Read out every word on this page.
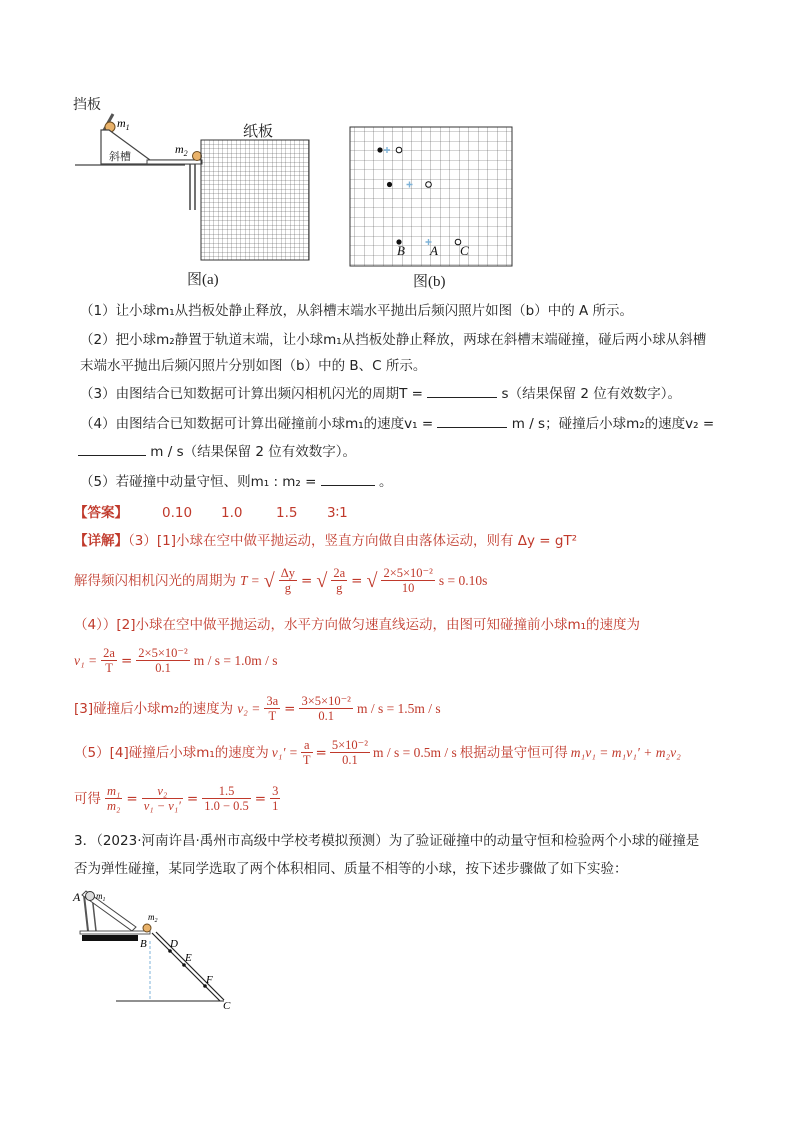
挡板
$m_1$
斜槽
$m_2$
纸板
图(a)
B A C
图(b)
（1）让小球m₁从挡板处静止释放，从斜槽末端水平抛出后频闪照片如图（b）中的 A 所示。
（2）把小球m₂静置于轨道末端，让小球m₁从挡板处静止释放，两球在斜槽末端碰撞，碰后两小球从斜槽
末端水平抛出后频闪照片分别如图（b）中的 B、C 所示。
（3）由图结合已知数据可计算出频闪相机闪光的周期T =	s（结果保留 2 位有效数字）。
（4）由图结合已知数据可计算出碰撞前小球m₁的速度v₁ =	m / s；碰撞后小球m₂的速度v₂ =
m / s（结果保留 2 位有效数字）。
（5）若碰撞中动量守恒、则m₁ : m₂ =	。
【答案】	0.10 1.0 1.5 3∶1
【详解】（3）[1]小球在空中做平抛运动，竖直方向做自由落体运动，则有 Δy = gT²
解得频闪相机闪光的周期为 T = √ $\frac{\Delta y}{g}$ = √ $\frac{2a}{g}$ = √ $\frac{\text{2×5×10⁻²}}{10}$ s = 0.10s
（4））[2]小球在空中做平抛运动，水平方向做匀速直线运动，由图可知碰撞前小球m₁的速度为
$v_1 = \frac{2a}{T} = \frac{\text{2×5×10⁻²}}{0.1}$ m / s = 1.0m / s
[3]碰撞后小球m₂的速度为 $v_2 = \frac{3a}{T} = \frac{\text{3×5×10⁻²}}{0.1}$ m / s = 1.5m / s
（5）[4]碰撞后小球m₁的速度为 $v_1' = \frac{a}{T} = \frac{\text{5×10⁻²}}{0.1}$ m / s = 0.5m / s 根据动量守恒可得 m₁v₁ = m₁v₁′ + m₂v₂
可得 $\frac{\text{m₁}}{\text{m₂}} = \frac{\text{v₂}}{\text{v₁ − v₁′}} = \frac{1.5}{1.0 - 0.5} = \frac{3}{1}$
3．（2023·河南许昌·禹州市高级中学校考模拟预测）为了验证碰撞中的动量守恒和检验两个小球的碰撞是
否为弹性碰撞，某同学选取了两个体积相同、质量不相等的小球，按下述步骤做了如下实验：
A $m_1$
$m_2$
B D
E
F
C
